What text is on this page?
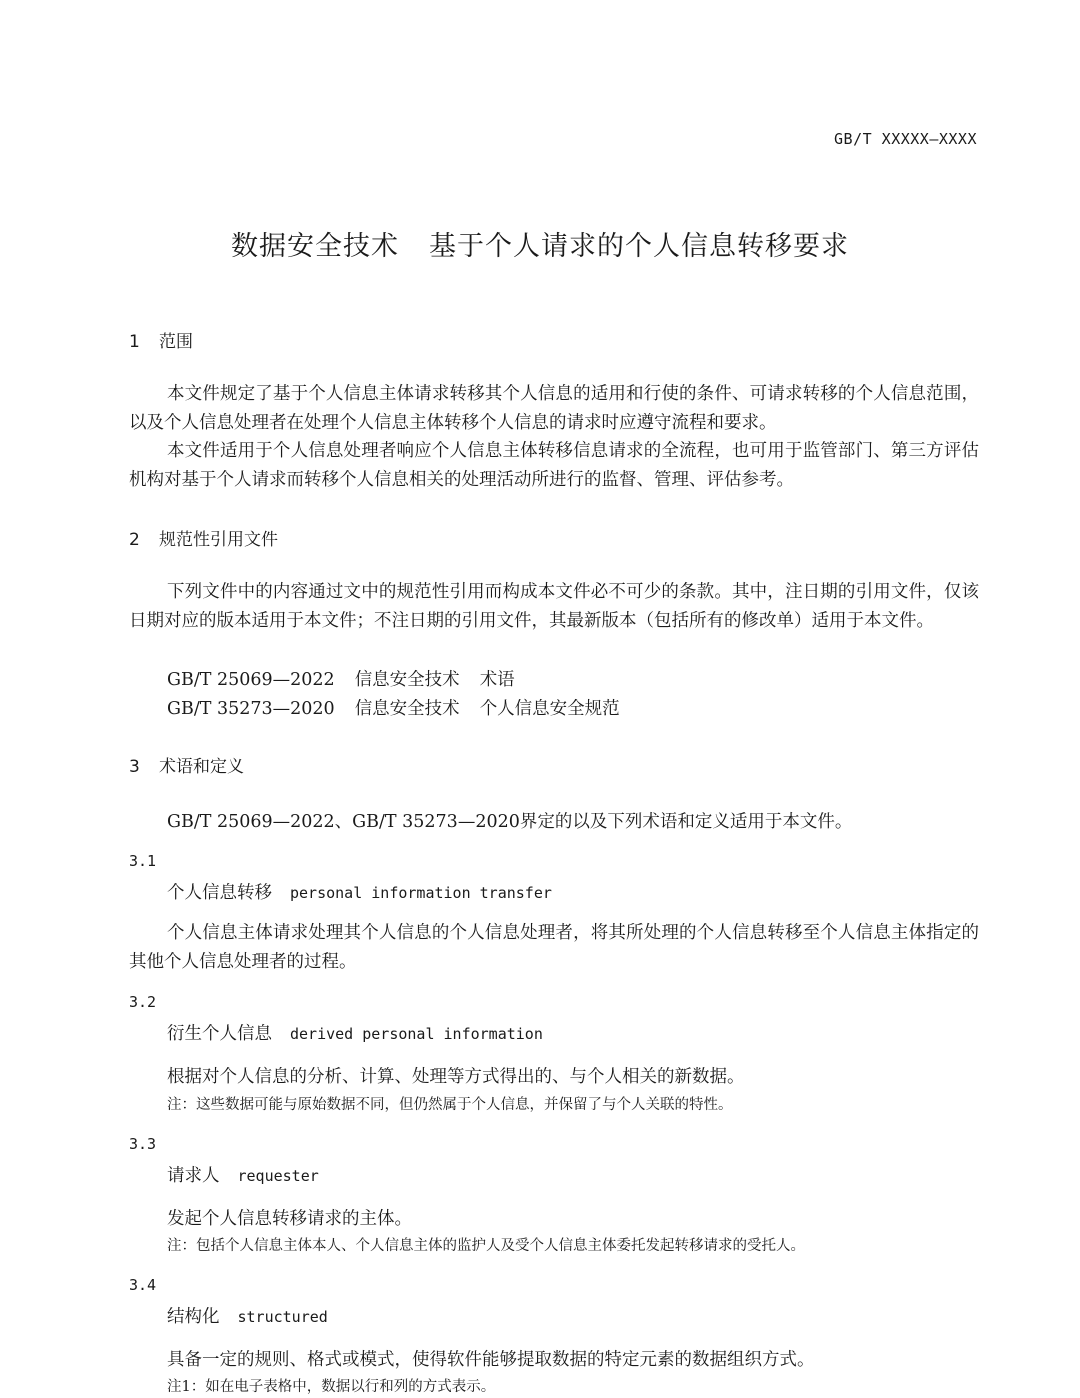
GB/T XXXXX—XXXX
数据安全技术 基于个人请求的个人信息转移要求
1 范围
本文件规定了基于个人信息主体请求转移其个人信息的适用和行使的条件、可请求转移的个人信息范围，以及个人信息处理者在处理个人信息主体转移个人信息的请求时应遵守流程和要求。
本文件适用于个人信息处理者响应个人信息主体转移信息请求的全流程，也可用于监管部门、第三方评估机构对基于个人请求而转移个人信息相关的处理活动所进行的监督、管理、评估参考。
2 规范性引用文件
下列文件中的内容通过文中的规范性引用而构成本文件必不可少的条款。其中，注日期的引用文件，仅该日期对应的版本适用于本文件；不注日期的引用文件，其最新版本（包括所有的修改单）适用于本文件。
GB/T 25069—2022 信息安全技术 术语
GB/T 35273—2020 信息安全技术 个人信息安全规范
3 术语和定义
GB/T 25069—2022、GB/T 35273—2020界定的以及下列术语和定义适用于本文件。
3.1
个人信息转移 personal information transfer
个人信息主体请求处理其个人信息的个人信息处理者，将其所处理的个人信息转移至个人信息主体指定的其他个人信息处理者的过程。
3.2
衍生个人信息 derived personal information
根据对个人信息的分析、计算、处理等方式得出的、与个人相关的新数据。
注：这些数据可能与原始数据不同，但仍然属于个人信息，并保留了与个人关联的特性。
3.3
请求人 requester
发起个人信息转移请求的主体。
注：包括个人信息主体本人、个人信息主体的监护人及受个人信息主体委托发起转移请求的受托人。
3.4
结构化 structured
具备一定的规则、格式或模式，使得软件能够提取数据的特定元素的数据组织方式。
注1：如在电子表格中，数据以行和列的方式表示。
